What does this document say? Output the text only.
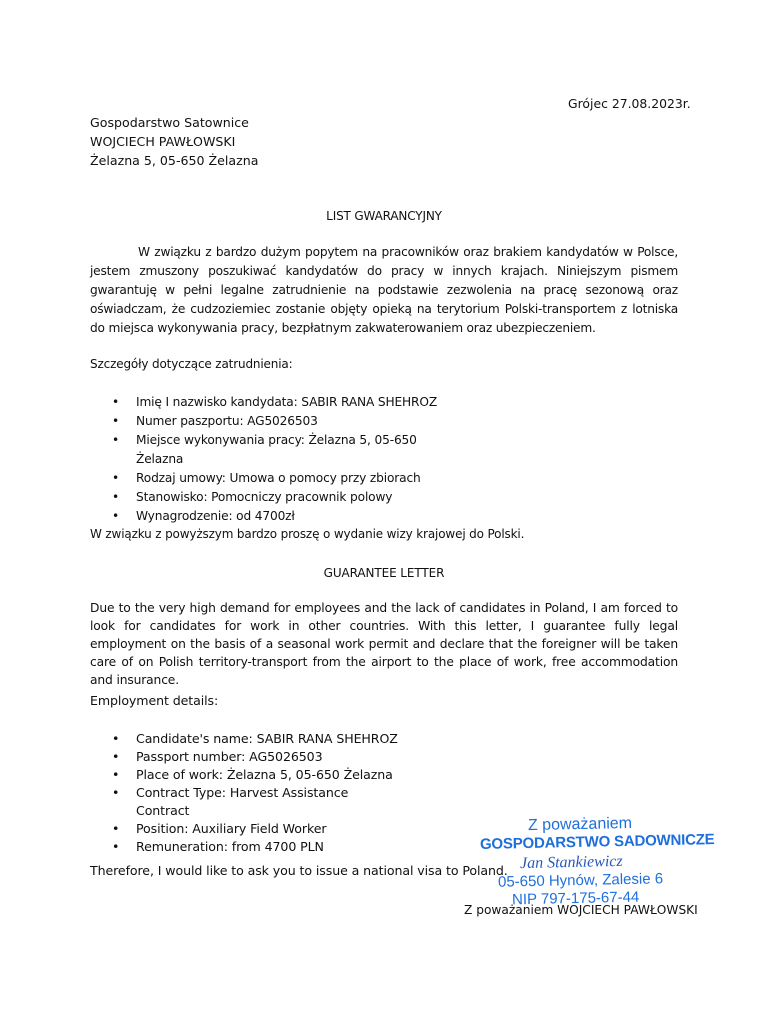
Grójec 27.08.2023r.
Gospodarstwo Satownice
WOJCIECH PAWŁOWSKI
Żelazna 5, 05-650 Żelazna
LIST GWARANCYJNY
W związku z bardzo dużym popytem na pracowników oraz brakiem kandydatów w Polsce, jestem zmuszony poszukiwać kandydatów do pracy w innych krajach. Niniejszym pismem gwarantuję w pełni legalne zatrudnienie na podstawie zezwolenia na pracę sezonową oraz oświadczam, że cudzoziemiec zostanie objęty opieką na terytorium Polski-transportem z lotniska do miejsca wykonywania pracy, bezpłatnym zakwaterowaniem oraz ubezpieczeniem.
Szczegóły dotyczące zatrudnienia:
• Imię I nazwisko kandydata: SABIR RANA SHEHROZ
• Numer paszportu: AG5026503
• Miejsce wykonywania pracy: Żelazna 5, 05-650
Żelazna
• Rodzaj umowy: Umowa o pomocy przy zbiorach
• Stanowisko: Pomocniczy pracownik polowy
• Wynagrodzenie: od 4700zł
W związku z powyższym bardzo proszę o wydanie wizy krajowej do Polski.
GUARANTEE LETTER
Due to the very high demand for employees and the lack of candidates in Poland, I am forced to look for candidates for work in other countries. With this letter, I guarantee fully legal employment on the basis of a seasonal work permit and declare that the foreigner will be taken care of on Polish territory-transport from the airport to the place of work, free accommodation and insurance.
Employment details:
• Candidate's name: SABIR RANA SHEHROZ
• Passport number: AG5026503
• Place of work: Żelazna 5, 05-650 Żelazna
• Contract Type: Harvest Assistance
Contract
• Position: Auxiliary Field Worker
• Remuneration: from 4700 PLN
Therefore, I would like to ask you to issue a national visa to Poland.
Z poważaniem WOJCIECH PAWŁOWSKI
Z poważaniem
GOSPODARSTWO SADOWNICZE
Jan Stankiewicz
05-650 Hynów, Zalesie 6
NIP 797-175-67-44
